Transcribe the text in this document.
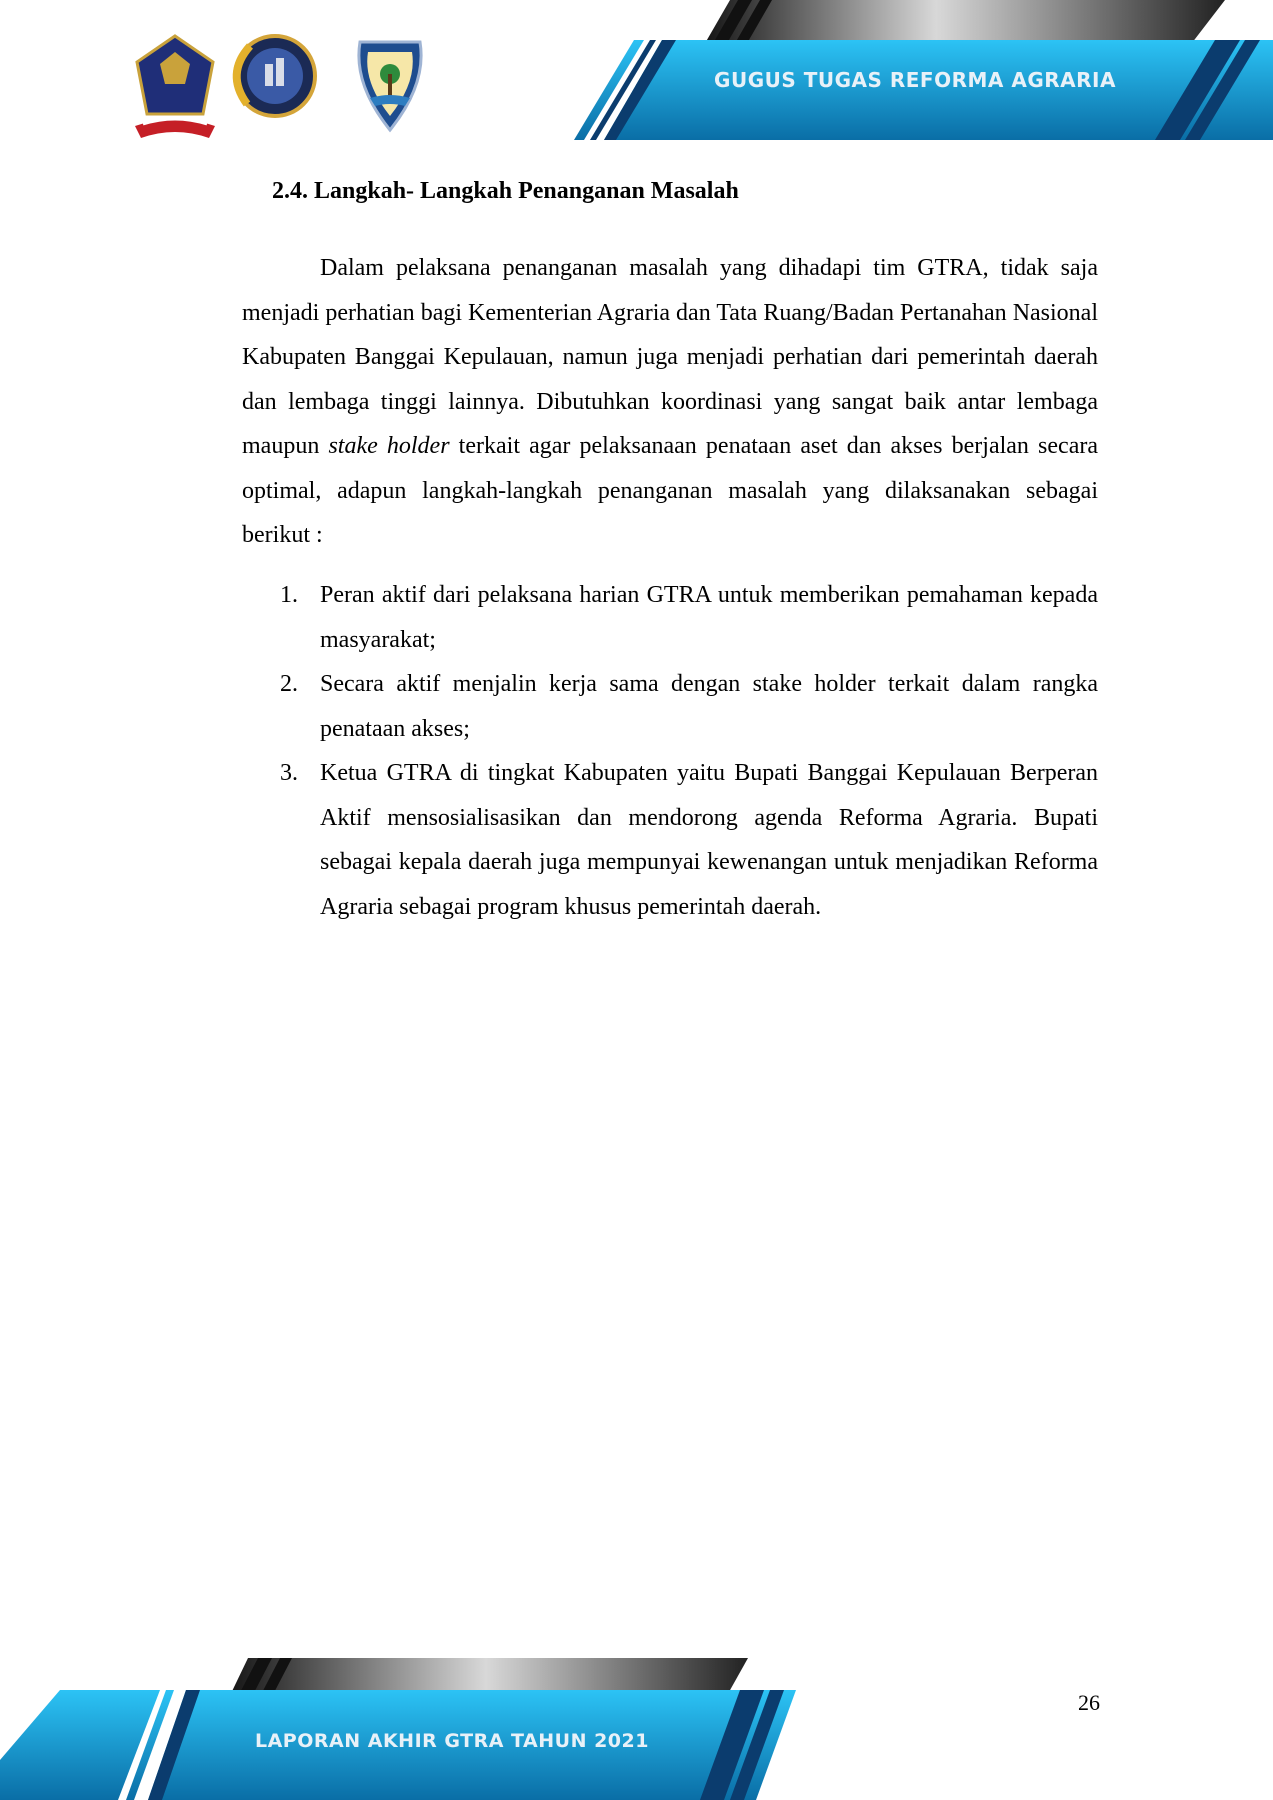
GUGUS TUGAS REFORMA AGRARIA
2.4. Langkah- Langkah Penanganan Masalah

Dalam pelaksana penanganan masalah yang dihadapi tim GTRA, tidak saja menjadi perhatian bagi Kementerian Agraria dan Tata Ruang/Badan Pertanahan Nasional Kabupaten Banggai Kepulauan, namun juga menjadi perhatian dari pemerintah daerah dan lembaga tinggi lainnya. Dibutuhkan koordinasi yang sangat baik antar lembaga maupun stake holder terkait agar pelaksanaan penataan aset dan akses berjalan secara optimal, adapun langkah-langkah penanganan masalah yang dilaksanakan sebagai berikut :

1. Peran aktif dari pelaksana harian GTRA untuk memberikan pemahaman kepada masyarakat;
2. Secara aktif menjalin kerja sama dengan stake holder terkait dalam rangka penataan akses;
3. Ketua GTRA di tingkat Kabupaten yaitu Bupati Banggai Kepulauan Berperan Aktif mensosialisasikan dan mendorong agenda Reforma Agraria. Bupati sebagai kepala daerah juga mempunyai kewenangan untuk menjadikan Reforma Agraria sebagai program khusus pemerintah daerah.
LAPORAN AKHIR GTRA TAHUN 2021
26
